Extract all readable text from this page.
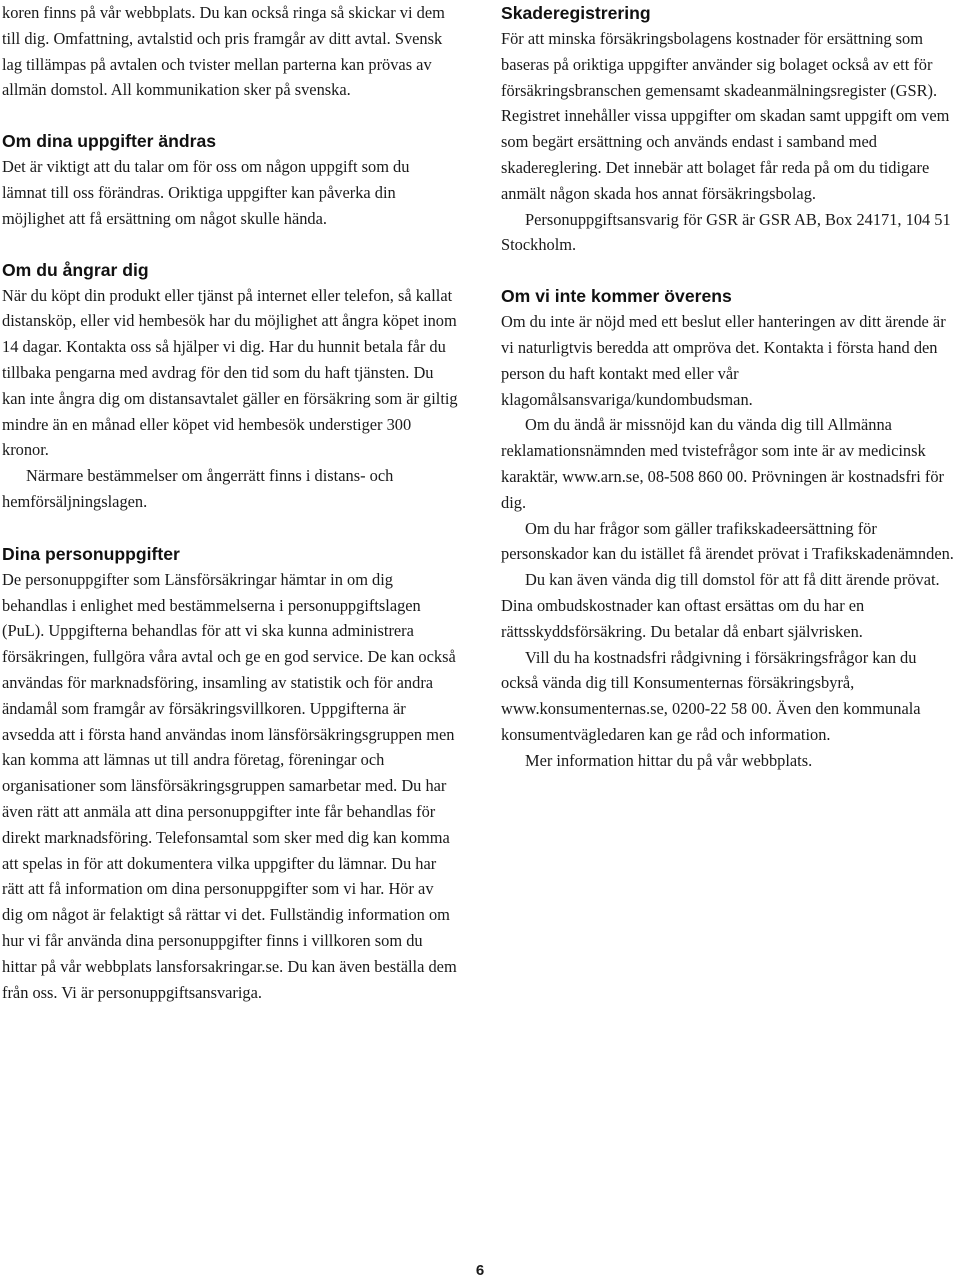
koren finns på vår webbplats. Du kan också ringa så skickar vi dem till dig. Omfattning, avtalstid och pris framgår av ditt avtal. Svensk lag tillämpas på avtalen och tvister mellan parterna kan prövas av allmän domstol. All kommunikation sker på svenska.

Om dina uppgifter ändras

Det är viktigt att du talar om för oss om någon uppgift som du lämnat till oss förändras. Oriktiga uppgifter kan påverka din möjlighet att få ersättning om något skulle hända.

Om du ångrar dig

När du köpt din produkt eller tjänst på internet eller telefon, så kallat distansköp, eller vid hembesök har du möjlighet att ångra köpet inom 14 dagar. Kontakta oss så hjälper vi dig. Har du hunnit betala får du tillbaka pengarna med avdrag för den tid som du haft tjänsten. Du kan inte ångra dig om distansavtalet gäller en försäkring som är giltig mindre än en månad eller köpet vid hembesök understiger 300 kronor.

Närmare bestämmelser om ångerrätt finns i distans- och hemförsäljningslagen.

Dina personuppgifter

De personuppgifter som Länsförsäkringar hämtar in om dig behandlas i enlighet med bestämmelserna i personuppgiftslagen (PuL). Uppgifterna behandlas för att vi ska kunna administrera försäkringen, fullgöra våra avtal och ge en god service. De kan också användas för marknadsföring, insamling av statistik och för andra ändamål som framgår av försäkringsvillkoren. Uppgifterna är avsedda att i första hand användas inom länsförsäkringsgruppen men kan komma att lämnas ut till andra företag, föreningar och organisationer som länsförsäkringsgruppen samarbetar med. Du har även rätt att anmäla att dina personuppgifter inte får behandlas för direkt marknadsföring. Telefonsamtal som sker med dig kan komma att spelas in för att dokumentera vilka uppgifter du lämnar. Du har rätt att få information om dina personuppgifter som vi har. Hör av dig om något är felaktigt så rättar vi det. Fullständig information om hur vi får använda dina personuppgifter finns i villkoren som du hittar på vår webbplats lansforsakringar.se. Du kan även beställa dem från oss. Vi är personuppgiftsansvariga.

Skaderegistrering

För att minska försäkringsbolagens kostnader för ersättning som baseras på oriktiga uppgifter använder sig bolaget också av ett för försäkringsbranschen gemensamt skadeanmälningsregister (GSR). Registret innehåller vissa uppgifter om skadan samt uppgift om vem som begärt ersättning och används endast i samband med skadereglering. Det innebär att bolaget får reda på om du tidigare anmält någon skada hos annat försäkringsbolag.

Personuppgiftsansvarig för GSR är GSR AB, Box 24171, 104 51 Stockholm.

Om vi inte kommer överens

Om du inte är nöjd med ett beslut eller hanteringen av ditt ärende är vi naturligtvis beredda att ompröva det. Kontakta i första hand den person du haft kontakt med eller vår klagomålsansvariga/kundombudsman.

Om du ändå är missnöjd kan du vända dig till Allmänna reklamationsnämnden med tvistefrågor som inte är av medicinsk karaktär, www.arn.se, 08-508 860 00. Prövningen är kostnadsfri för dig.

Om du har frågor som gäller trafikskadeersättning för personskador kan du istället få ärendet prövat i Trafikskadenämnden.

Du kan även vända dig till domstol för att få ditt ärende prövat. Dina ombudskostnader kan oftast ersättas om du har en rättsskyddsförsäkring. Du betalar då enbart självrisken.

Vill du ha kostnadsfri rådgivning i försäkringsfrågor kan du också vända dig till Konsumenternas försäkringsbyrå, www.konsumenternas.se, 0200-22 58 00. Även den kommunala konsumentvägledaren kan ge råd och information.

Mer information hittar du på vår webbplats.

6
